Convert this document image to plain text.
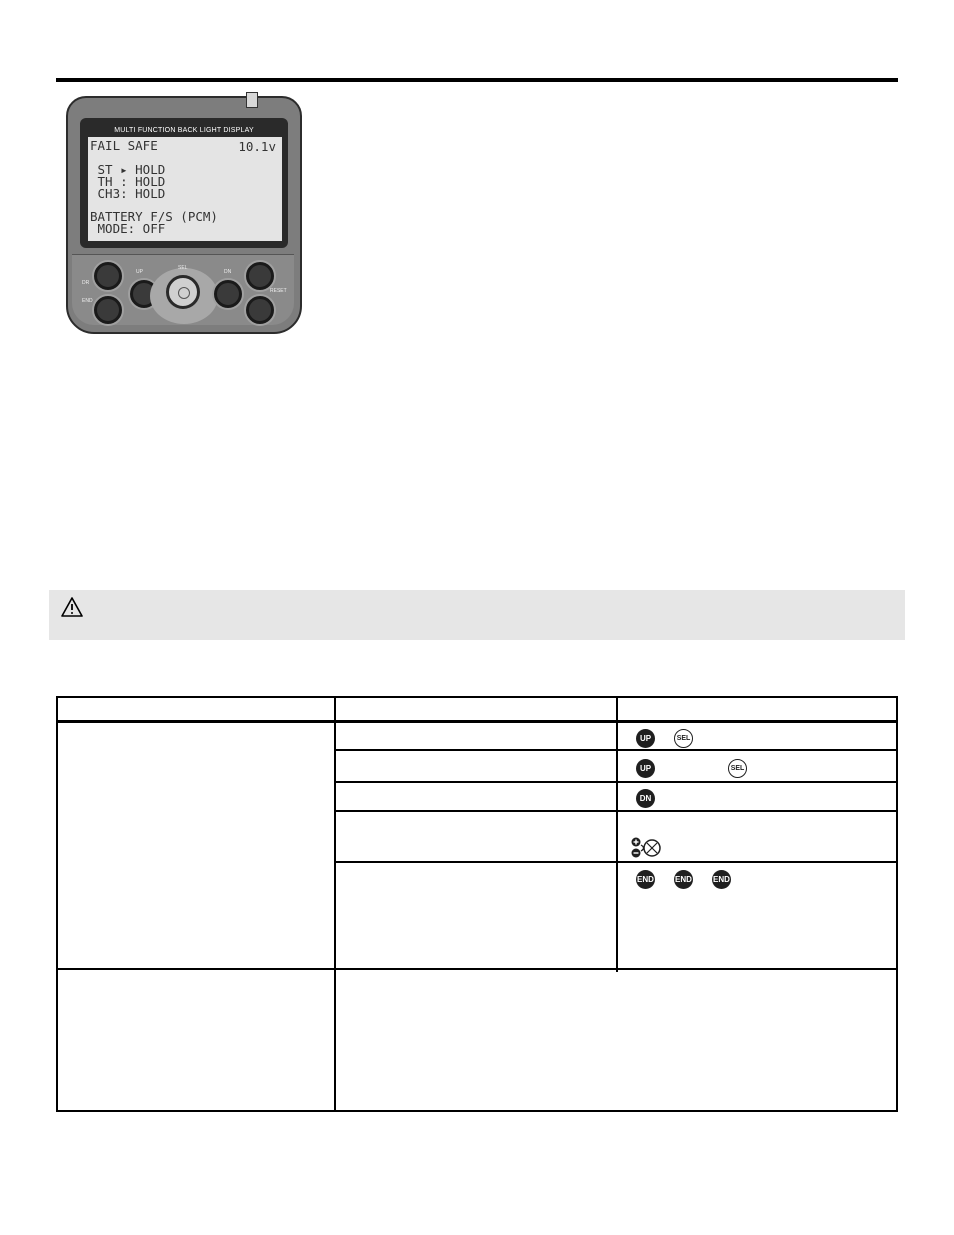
MULTI FUNCTION BACK LIGHT DISPLAY
FAIL SAFE	10.1v
ST ▸ HOLD
TH : HOLD
CH3: HOLD
BATTERY F/S (PCM)
MODE: OFF
DR
END
UP
SEL
DN
RESET
UP	SEL
UP	SEL
DN
END	END	END
